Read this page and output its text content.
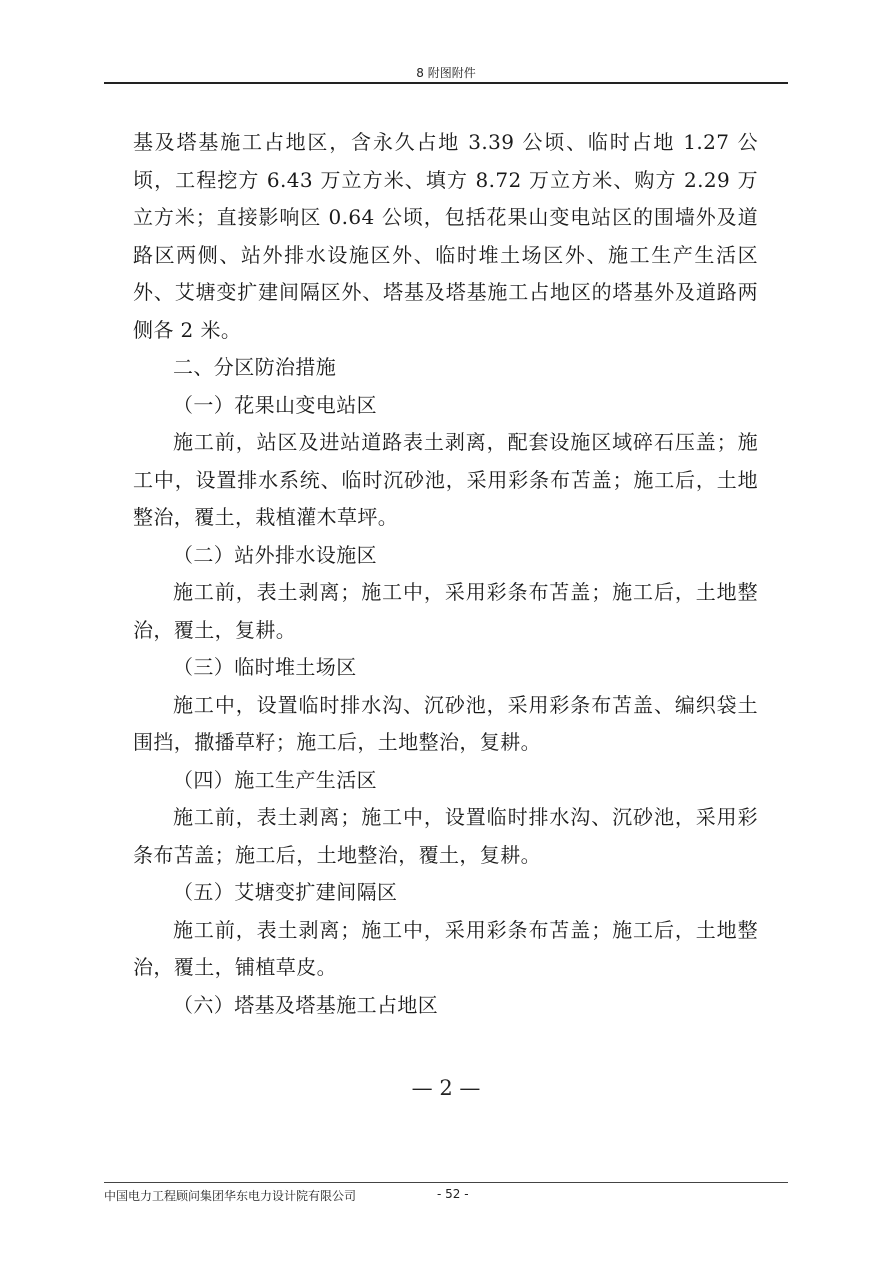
8 附图附件

基及塔基施工占地区，含永久占地 3.39 公顷、临时占地 1.27 公顷，工程挖方 6.43 万立方米、填方 8.72 万立方米、购方 2.29 万立方米；直接影响区 0.64 公顷，包括花果山变电站区的围墙外及道路区两侧、站外排水设施区外、临时堆土场区外、施工生产生活区外、艾塘变扩建间隔区外、塔基及塔基施工占地区的塔基外及道路两侧各 2 米。

二、分区防治措施

（一）花果山变电站区

施工前，站区及进站道路表土剥离，配套设施区域碎石压盖；施工中，设置排水系统、临时沉砂池，采用彩条布苫盖；施工后，土地整治，覆土，栽植灌木草坪。

（二）站外排水设施区

施工前，表土剥离；施工中，采用彩条布苫盖；施工后，土地整治，覆土，复耕。

（三）临时堆土场区

施工中，设置临时排水沟、沉砂池，采用彩条布苫盖、编织袋土围挡，撒播草籽；施工后，土地整治，复耕。

（四）施工生产生活区

施工前，表土剥离；施工中，设置临时排水沟、沉砂池，采用彩条布苫盖；施工后，土地整治，覆土，复耕。

（五）艾塘变扩建间隔区

施工前，表土剥离；施工中，采用彩条布苫盖；施工后，土地整治，覆土，铺植草皮。

（六）塔基及塔基施工占地区

— 2 —
中国电力工程顾问集团华东电力设计院有限公司	- 52 -
